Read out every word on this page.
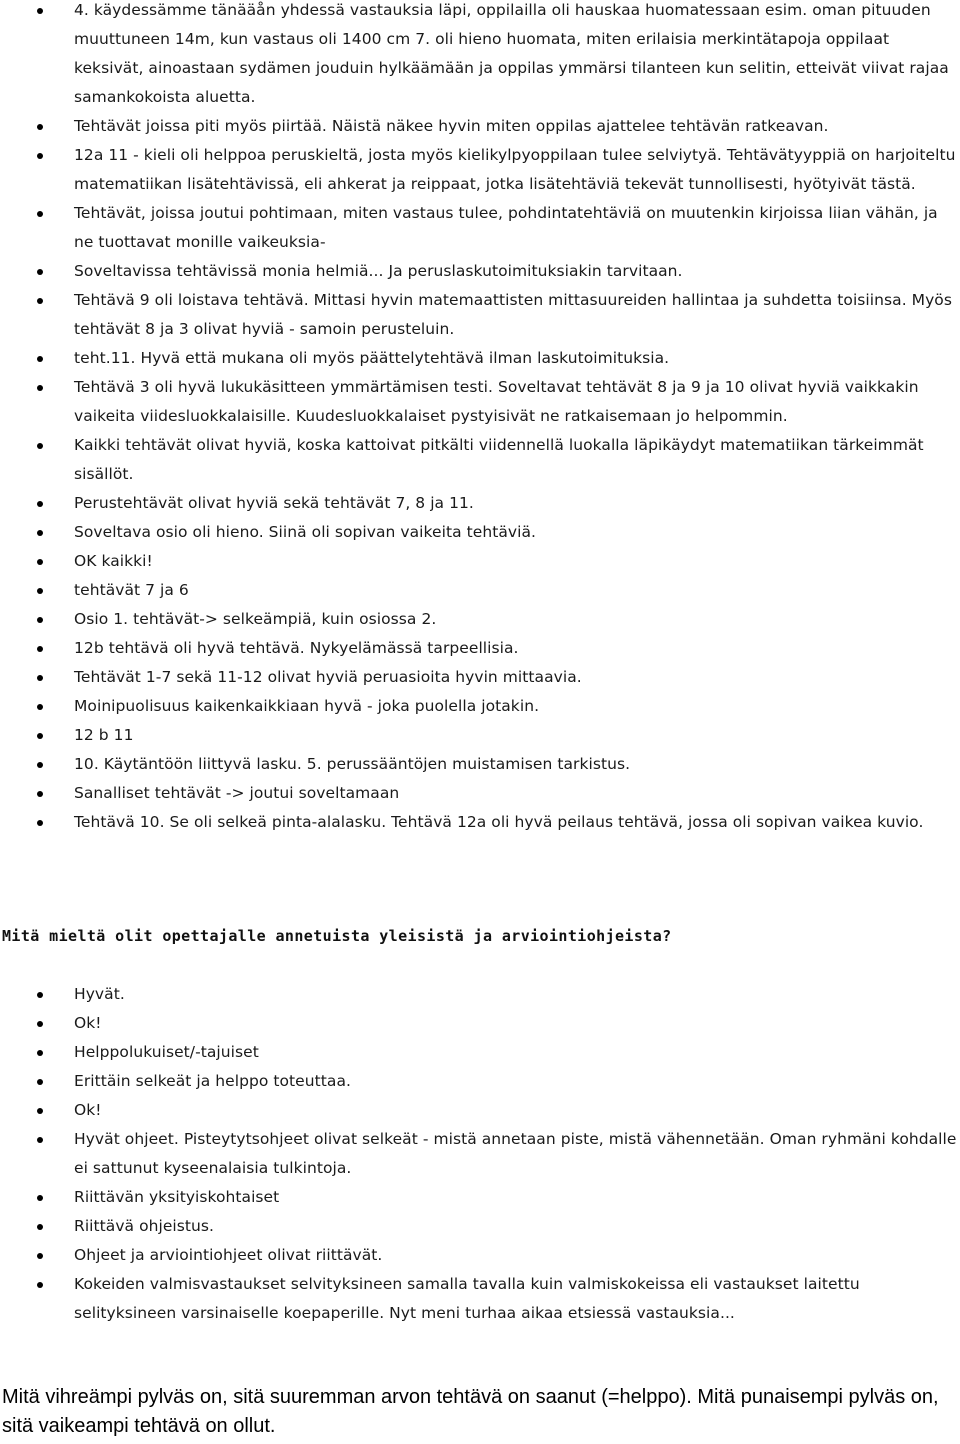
4. käydessämme tänääån yhdessä vastauksia läpi, oppilailla oli hauskaa huomatessaan esim. oman pituuden muuttuneen 14m, kun vastaus oli 1400 cm 7. oli hieno huomata, miten erilaisia merkintätapoja oppilaat keksivät, ainoastaan sydämen jouduin hylkäämään ja oppilas ymmärsi tilanteen kun selitin, etteivät viivat rajaa samankokoista aluetta.
Tehtävät joissa piti myös piirtää. Näistä näkee hyvin miten oppilas ajattelee tehtävän ratkeavan.
12a 11 - kieli oli helppoa peruskieltä, josta myös kielikylpyoppilaan tulee selviytyä. Tehtävätyyppiä on harjoiteltu matematiikan lisätehtävissä, eli ahkerat ja reippaat, jotka lisätehtäviä tekevät tunnollisesti, hyötyivät tästä.
Tehtävät, joissa joutui pohtimaan, miten vastaus tulee, pohdintatehtäviä on muutenkin kirjoissa liian vähän, ja ne tuottavat monille vaikeuksia-
Soveltavissa tehtävissä monia helmiä... Ja peruslaskutoimituksiakin tarvitaan.
Tehtävä 9 oli loistava tehtävä. Mittasi hyvin matemaattisten mittasuureiden hallintaa ja suhdetta toisiinsa. Myös tehtävät 8 ja 3 olivat hyviä - samoin perusteluin.
teht.11. Hyvä että mukana oli myös päättelytehtävä ilman laskutoimituksia.
Tehtävä 3 oli hyvä lukukäsitteen ymmärtämisen testi. Soveltavat tehtävät 8 ja 9 ja 10 olivat hyviä vaikkakin vaikeita viidesluokkalaisille. Kuudesluokkalaiset pystyisivät ne ratkaisemaan jo helpommin.
Kaikki tehtävät olivat hyviä, koska kattoivat pitkälti viidennellä luokalla läpikäydyt matematiikan tärkeimmät sisällöt.
Perustehtävät olivat hyviä sekä tehtävät 7, 8 ja 11.
Soveltava osio oli hieno. Siinä oli sopivan vaikeita tehtäviä.
OK kaikki!
tehtävät 7 ja 6
Osio 1. tehtävät-> selkeämpiä, kuin osiossa 2.
12b tehtävä oli hyvä tehtävä. Nykyelämässä tarpeellisia.
Tehtävät 1-7 sekä 11-12 olivat hyviä peruasioita hyvin mittaavia.
Moinipuolisuus kaikenkaikkiaan hyvä - joka puolella jotakin.
12 b 11
10. Käytäntöön liittyvä lasku. 5. perussääntöjen muistamisen tarkistus.
Sanalliset tehtävät -> joutui soveltamaan
Tehtävä 10. Se oli selkeä pinta-alalasku. Tehtävä 12a oli hyvä peilaus tehtävä, jossa oli sopivan vaikea kuvio.
Mitä mieltä olit opettajalle annetuista yleisistä ja arviointiohjeista?
Hyvät.
Ok!
Helppolukuiset/-tajuiset
Erittäin selkeät ja helppo toteuttaa.
Ok!
Hyvät ohjeet. Pisteytytsohjeet olivat selkeät - mistä annetaan piste, mistä vähennetään. Oman ryhmäni kohdalle ei sattunut kyseenalaisia tulkintoja.
Riittävän yksityiskohtaiset
Riittävä ohjeistus.
Ohjeet ja arviointiohjeet olivat riittävät.
Kokeiden valmisvastaukset selvityksineen samalla tavalla kuin valmiskokeissa eli vastaukset laitettu selityksineen varsinaiselle koepaperille. Nyt meni turhaa aikaa etsiessä vastauksia...
Mitä vihreämpi pylväs on, sitä suuremman arvon tehtävä on saanut (=helppo). Mitä punaisempi pylväs on, sitä vaikeampi tehtävä on ollut.
